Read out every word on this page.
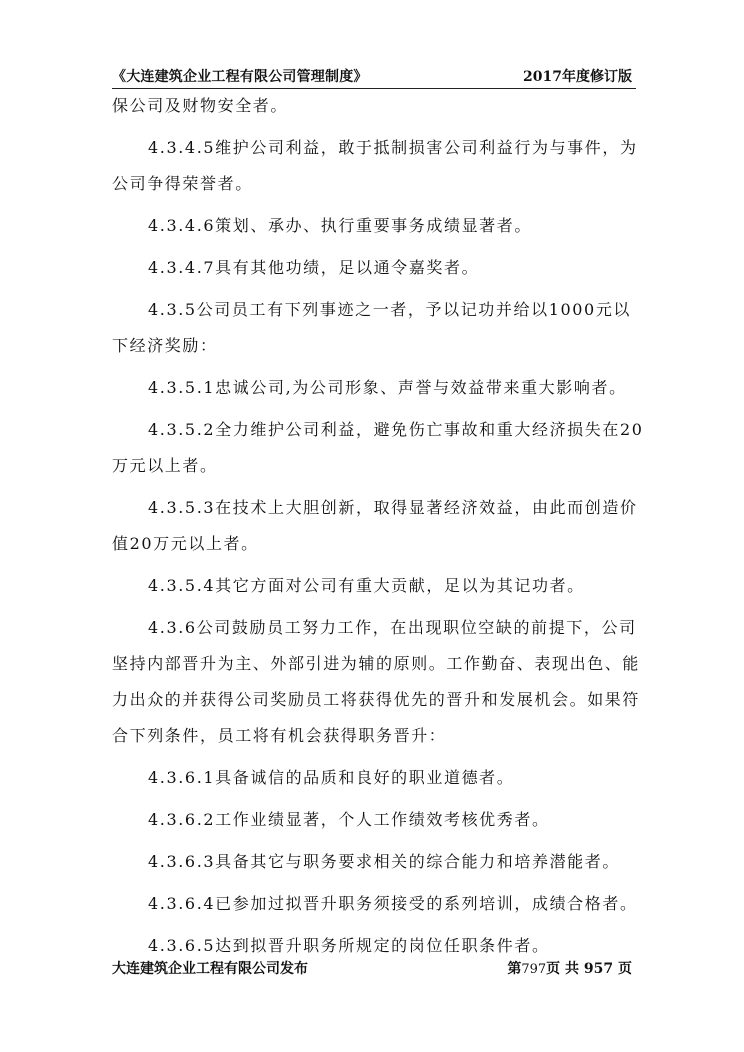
《大连建筑企业工程有限公司管理制度》	2017年度修订版
保公司及财物安全者。
4.3.4.5维护公司利益，敢于抵制损害公司利益行为与事件，为
公司争得荣誉者。
4.3.4.6策划、承办、执行重要事务成绩显著者。
4.3.4.7具有其他功绩，足以通令嘉奖者。
4.3.5公司员工有下列事迹之一者，予以记功并给以1000元以
下经济奖励：
4.3.5.1忠诚公司,为公司形象、声誉与效益带来重大影响者。
4.3.5.2全力维护公司利益，避免伤亡事故和重大经济损失在20
万元以上者。
4.3.5.3在技术上大胆创新，取得显著经济效益，由此而创造价
值20万元以上者。
4.3.5.4其它方面对公司有重大贡献，足以为其记功者。
4.3.6公司鼓励员工努力工作，在出现职位空缺的前提下，公司
坚持内部晋升为主、外部引进为辅的原则。工作勤奋、表现出色、能
力出众的并获得公司奖励员工将获得优先的晋升和发展机会。如果符
合下列条件，员工将有机会获得职务晋升：
4.3.6.1具备诚信的品质和良好的职业道德者。
4.3.6.2工作业绩显著，个人工作绩效考核优秀者。
4.3.6.3具备其它与职务要求相关的综合能力和培养潜能者。
4.3.6.4已参加过拟晋升职务须接受的系列培训，成绩合格者。
4.3.6.5达到拟晋升职务所规定的岗位任职条件者。
大连建筑企业工程有限公司发布	第797页 共 957 页
